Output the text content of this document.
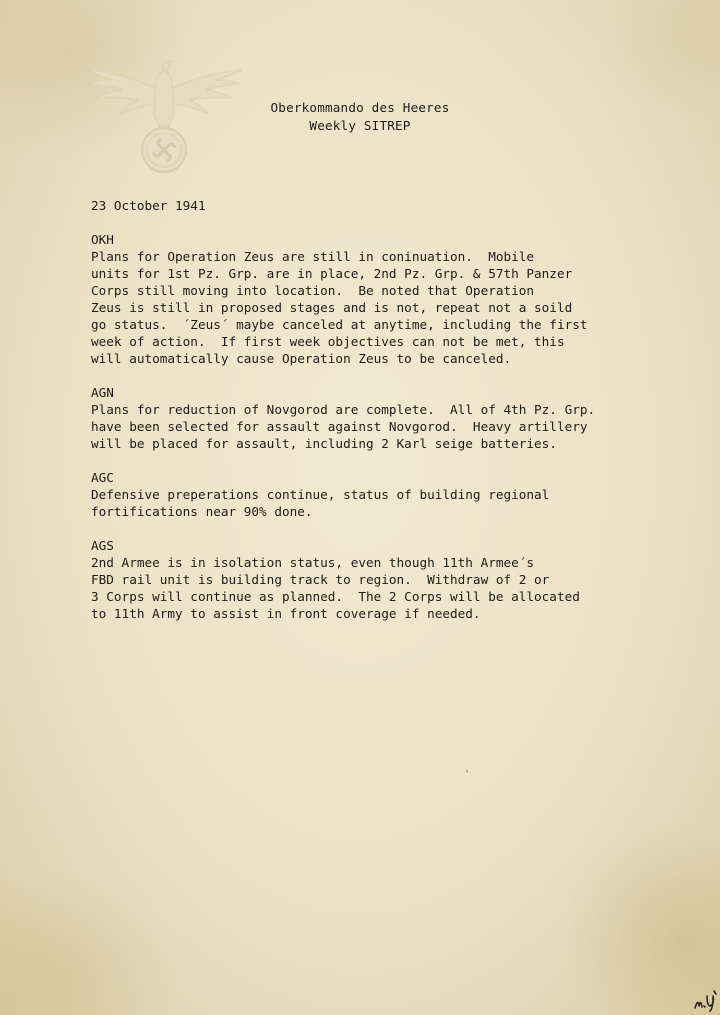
Oberkommando des Heeres
Weekly SITREP
23 October 1941
OKH
Plans for Operation Zeus are still in coninuation.  Mobile
units for 1st Pz. Grp. are in place, 2nd Pz. Grp. & 57th Panzer
Corps still moving into location.  Be noted that Operation
Zeus is still in proposed stages and is not, repeat not a soild
go status.  ´Zeus´ maybe canceled at anytime, including the first
week of action.  If first week objectives can not be met, this
will automatically cause Operation Zeus to be canceled.
AGN
Plans for reduction of Novgorod are complete.  All of 4th Pz. Grp.
have been selected for assault against Novgorod.  Heavy artillery
will be placed for assault, including 2 Karl seige batteries.
AGC
Defensive preperations continue, status of building regional
fortifications near 90% done.
AGS
2nd Armee is in isolation status, even though 11th Armee´s
FBD rail unit is building track to region.  Withdraw of 2 or
3 Corps will continue as planned.  The 2 Corps will be allocated
to 11th Army to assist in front coverage if needed.
